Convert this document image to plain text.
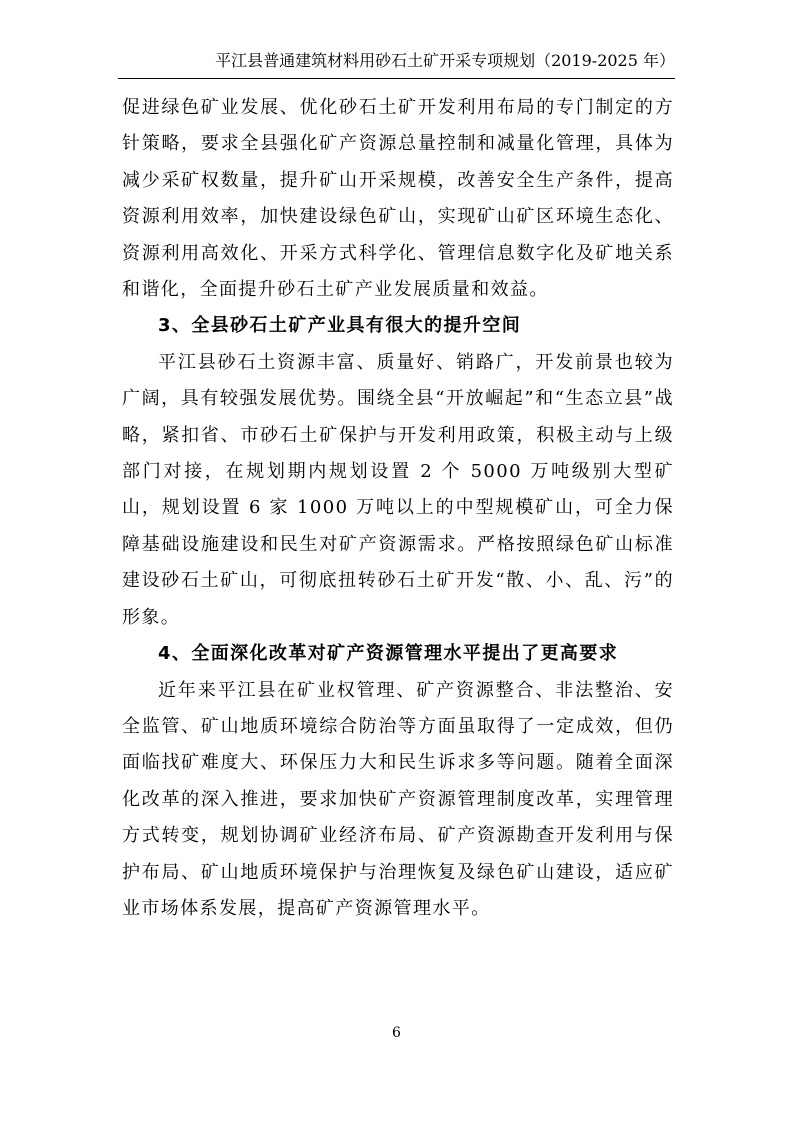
平江县普通建筑材料用砂石土矿开采专项规划（2019-2025 年）

促进绿色矿业发展、优化砂石土矿开发利用布局的专门制定的方针策略，要求全县强化矿产资源总量控制和减量化管理，具体为减少采矿权数量，提升矿山开采规模，改善安全生产条件，提高资源利用效率，加快建设绿色矿山，实现矿山矿区环境生态化、资源利用高效化、开采方式科学化、管理信息数字化及矿地关系和谐化，全面提升砂石土矿产业发展质量和效益。

3、全县砂石土矿产业具有很大的提升空间

平江县砂石土资源丰富、质量好、销路广，开发前景也较为广阔，具有较强发展优势。围绕全县“开放崛起”和“生态立县”战略，紧扣省、市砂石土矿保护与开发利用政策，积极主动与上级部门对接，在规划期内规划设置 2 个 5000 万吨级别大型矿山，规划设置 6 家 1000 万吨以上的中型规模矿山，可全力保障基础设施建设和民生对矿产资源需求。严格按照绿色矿山标准建设砂石土矿山，可彻底扭转砂石土矿开发“散、小、乱、污”的形象。

4、全面深化改革对矿产资源管理水平提出了更高要求

近年来平江县在矿业权管理、矿产资源整合、非法整治、安全监管、矿山地质环境综合防治等方面虽取得了一定成效，但仍面临找矿难度大、环保压力大和民生诉求多等问题。随着全面深化改革的深入推进，要求加快矿产资源管理制度改革，实理管理方式转变，规划协调矿业经济布局、矿产资源勘查开发利用与保护布局、矿山地质环境保护与治理恢复及绿色矿山建设，适应矿业市场体系发展，提高矿产资源管理水平。

6
